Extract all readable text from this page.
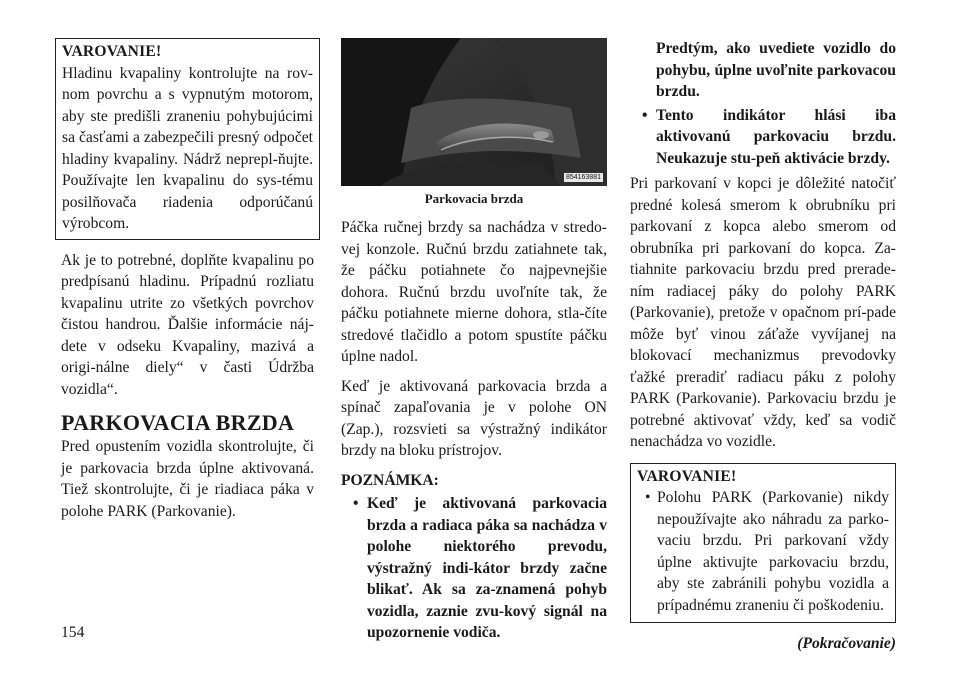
VAROVANIE!
Hladinu kvapaliny kontrolujte na rov-nom povrchu a s vypnutým motorom, aby ste predišli zraneniu pohybujúcimi sa časťami a zabezpečili presný odpočet hladiny kvapaliny. Nádrž neprepl-ňujte. Používajte len kvapalinu do sys-tému posilňovača riadenia odporúčanú výrobcom.

Ak je to potrebné, doplňte kvapalinu po predpísanú hladinu. Prípadnú rozliatu kvapalinu utrite zo všetkých povrchov čistou handrou. Ďalšie informácie náj-dete v odseku Kvapaliny, mazivá a origi-nálne diely“ v časti Údržba vozidla“.

PARKOVACIA BRZDA

Pred opustením vozidla skontrolujte, či je parkovacia brzda úplne aktivovaná. Tiež skontrolujte, či je riadiaca páka v polohe PARK (Parkovanie).

854163881
Parkovacia brzda

Páčka ručnej brzdy sa nachádza v stredo-vej konzole. Ručnú brzdu zatiahnete tak, že páčku potiahnete čo najpevnejšie dohora. Ručnú brzdu uvoľníte tak, že páčku potiahnete mierne dohora, stla-číte stredové tlačidlo a potom spustíte páčku úplne nadol.

Keď je aktivovaná parkovacia brzda a spínač zapaľovania je v polohe ON (Zap.), rozsvieti sa výstražný indikátor brzdy na bloku prístrojov.

POZNÁMKA:
• Keď je aktivovaná parkovacia brzda a radiaca páka sa nachádza v polohe niektorého prevodu, výstražný indi-kátor brzdy začne blikať. Ak sa za-znamená pohyb vozidla, zaznie zvu-kový signál na upozornenie vodiča.
Predtým, ako uvediete vozidlo do pohybu, úplne uvoľnite parkovacou brzdu.
• Tento indikátor hlási iba aktivovanú parkovaciu brzdu. Neukazuje stu-peň aktivácie brzdy.

Pri parkovaní v kopci je dôležité natočiť predné kolesá smerom k obrubníku pri parkovaní z kopca alebo smerom od obrubníka pri parkovaní do kopca. Za-tiahnite parkovaciu brzdu pred prerade-ním radiacej páky do polohy PARK (Parkovanie), pretože v opačnom prí-pade môže byť vinou záťaže vyvíjanej na blokovací mechanizmus prevodovky ťažké preradiť radiacu páku z polohy PARK (Parkovanie). Parkovaciu brzdu je potrebné aktivovať vždy, keď sa vodič nenachádza vo vozidle.

VAROVANIE!
• Polohu PARK (Parkovanie) nikdy nepoužívajte ako náhradu za parko-vaciu brzdu. Pri parkovaní vždy úplne aktivujte parkovaciu brzdu, aby ste zabránili pohybu vozidla a prípadnému zraneniu či poškodeniu.
(Pokračovanie)
154
